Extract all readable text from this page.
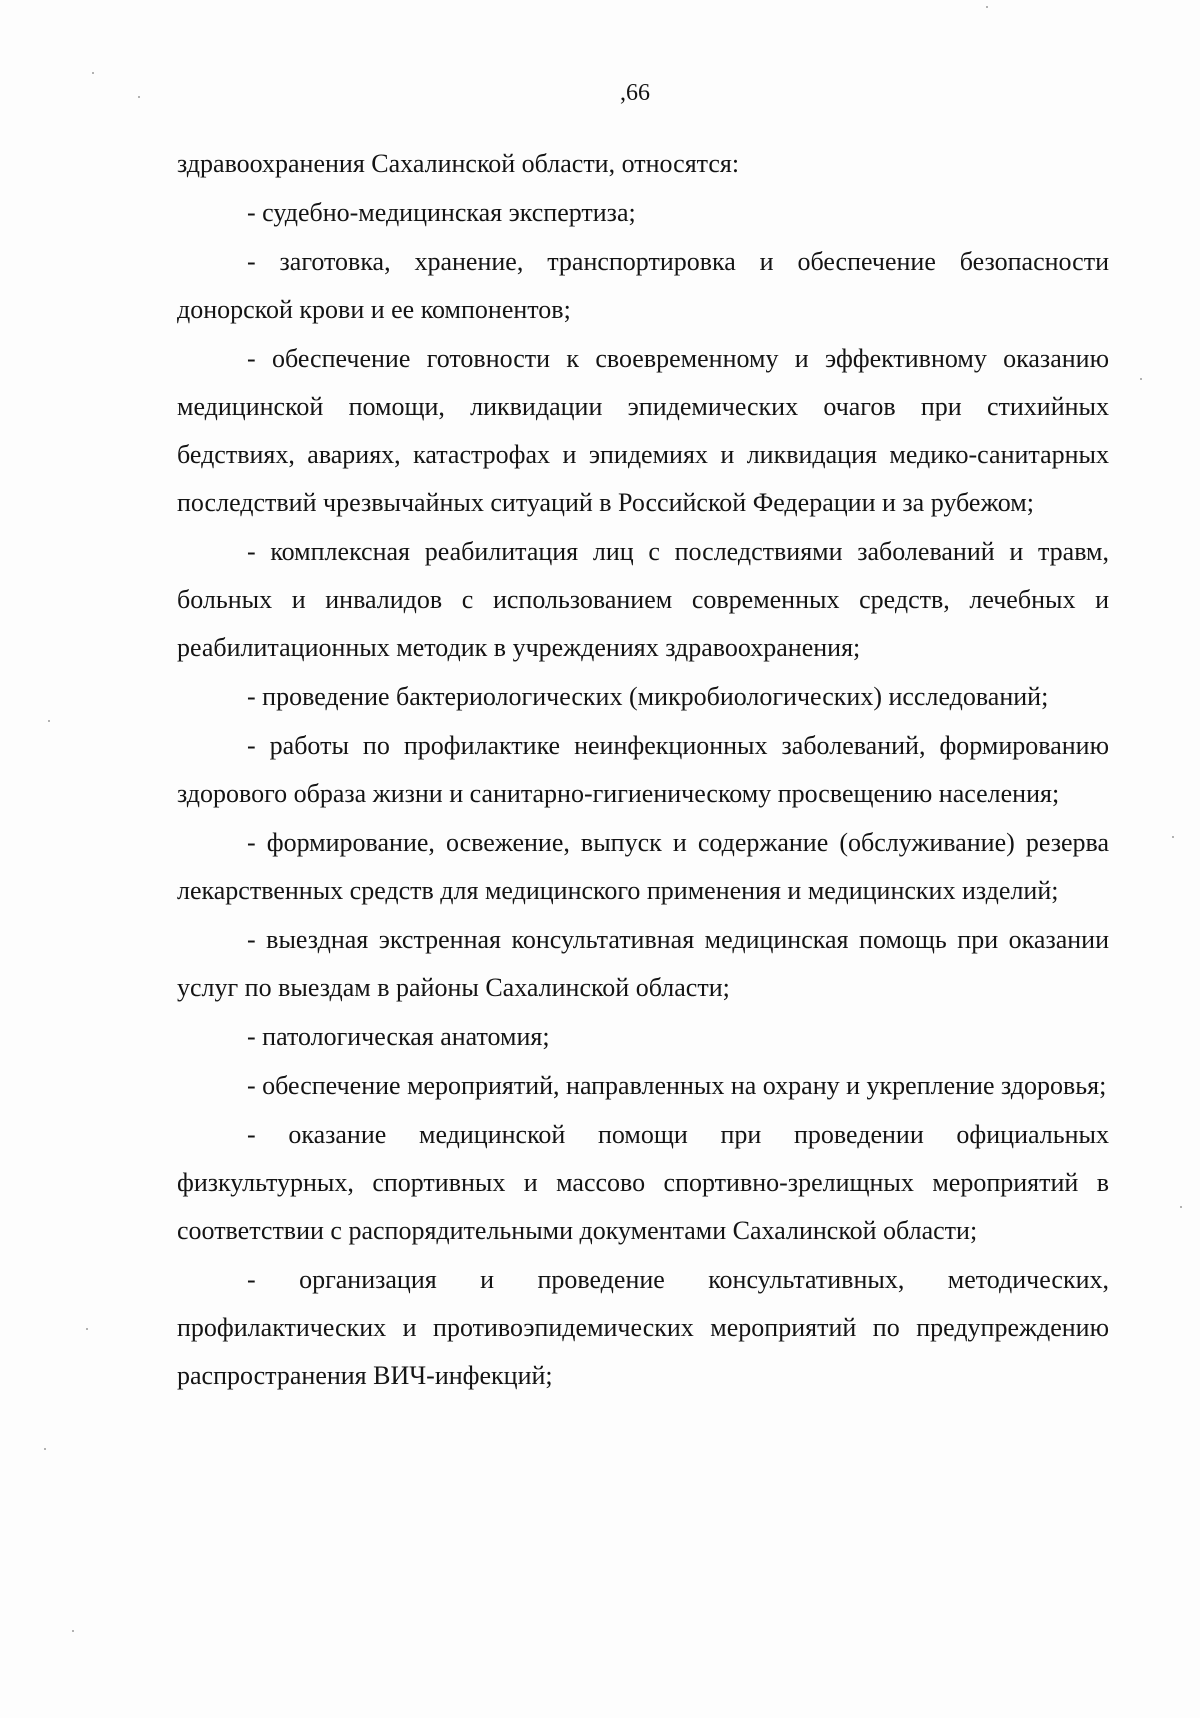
,66

здравоохранения Сахалинской области, относятся:

- судебно-медицинская экспертиза;

- заготовка, хранение, транспортировка и обеспечение безопасности донорской крови и ее компонентов;

- обеспечение готовности к своевременному и эффективному оказанию медицинской помощи, ликвидации эпидемических очагов при стихийных бедствиях, авариях, катастрофах и эпидемиях и ликвидация медико-санитарных последствий чрезвычайных ситуаций в Российской Федерации и за рубежом;

- комплексная реабилитация лиц с последствиями заболеваний и травм, больных и инвалидов с использованием современных средств, лечебных и реабилитационных методик в учреждениях здравоохранения;

- проведение бактериологических (микробиологических) исследований;

- работы по профилактике неинфекционных заболеваний, формированию здорового образа жизни и санитарно-гигиеническому просвещению населения;

- формирование, освежение, выпуск и содержание (обслуживание) резерва лекарственных средств для медицинского применения и медицинских изделий;

- выездная экстренная консультативная медицинская помощь при оказании услуг по выездам в районы Сахалинской области;

- патологическая анатомия;

- обеспечение мероприятий, направленных на охрану и укрепление здоровья;

- оказание медицинской помощи при проведении официальных физкультурных, спортивных и массово спортивно-зрелищных мероприятий в соответствии с распорядительными документами Сахалинской области;

- организация и проведение консультативных, методических, профилактических и противоэпидемических мероприятий по предупреждению распространения ВИЧ-инфекций;
